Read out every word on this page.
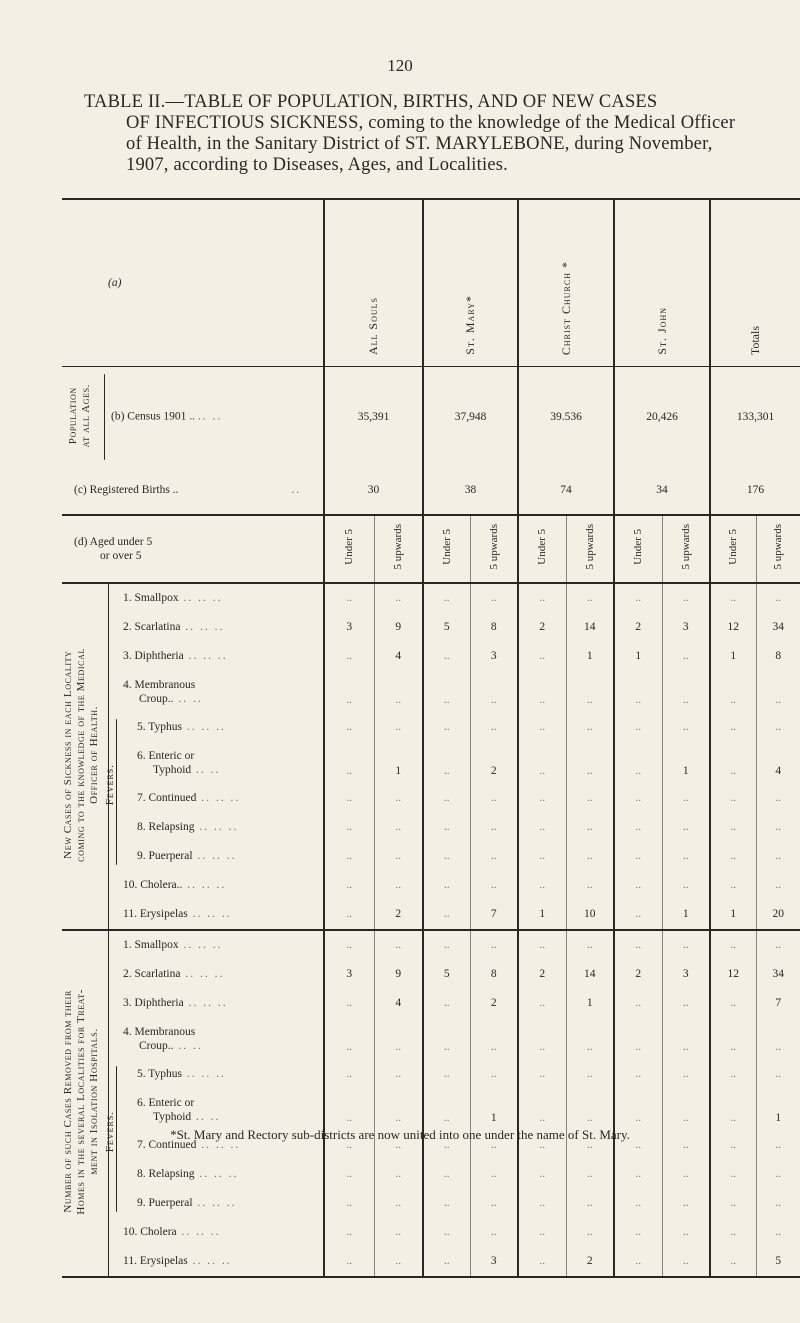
120

TABLE II.—TABLE OF POPULATION, BIRTHS, AND OF NEW CASES

OF INFECTIOUS SICKNESS, coming to the knowledge of the Medical Officer

of Health, in the Sanitary District of ST. MARYLEBONE, during November,

1907, according to Diseases, Ages, and Localities.

(a)		All Souls		St. Mary*		Christ Church *		St. John		Totals	
Population
at all Ages.	(b) Census 1901 .. .. ..	35,391		37,948		39.536		20,426		133,301	
(c) Registered Births .. ..		30		38		74		34		176	
(d) Aged under 5
or over 5		Under 5	5 upwards	Under 5	5 upwards	Under 5	5 upwards	Under 5	5 upwards	Under 5	5 upwards
New Cases of Sickness in each Locality
coming to the knowledge of the Medical
Officer of Health.	1. Smallpox .. .. ..	..	..	..	..	..	..	..	..	..	..

	2. Scarlatina .. .. ..	3	9	5	8	2	14	2	3	12	34

	3. Diphtheria .. .. ..	..	4	..	3	..	1	1	..	1	8

	4. Membranous
Croup.. .. ..	..	..	..	..	..	..	..	..	..	..

	5. Typhus .. .. ..	..	..	..	..	..	..	..	..	..	..

	6. Enteric or
Typhoid .. ..	..	1	..	2	..	..	..	1	..	4

	Fevers. 7. Continued .. .. ..	..	..	..	..	..	..	..	..	..	..

	8. Relapsing .. .. ..	..	..	..	..	..	..	..	..	..	..

	9. Puerperal .. .. ..	..	..	..	..	..	..	..	..	..	..

	10. Cholera.. .. .. ..	..	..	..	..	..	..	..	..	..	..

	11. Erysipelas .. .. ..	..	2	..	7	1	10	..	1	1	20
Number of such Cases Removed from their
Homes in the several Localities for Treat-
ment in Isolation Hospitals.	1. Smallpox .. .. ..	..	..	..	..	..	..	..	..	..	..

	2. Scarlatina .. .. ..	3	9	5	8	2	14	2	3	12	34

	3. Diphtheria .. .. ..	..	4	..	2	..	1	..	..	..	7

	4. Membranous
Croup.. .. ..	..	..	..	..	..	..	..	..	..	..

	5. Typhus .. .. ..	..	..	..	..	..	..	..	..	..	..

	6. Enteric or
Typhoid .. ..	..	..	..	1	..	..	..	..	..	1

	Fevers. 7. Continued .. .. ..	..	..	..	..	..	..	..	..	..	..

	8. Relapsing .. .. ..	..	..	..	..	..	..	..	..	..	..

	9. Puerperal .. .. ..	..	..	..	..	..	..	..	..	..	..

	10. Cholera .. .. ..	..	..	..	..	..	..	..	..	..	..

	11. Erysipelas .. .. ..	..	..	..	3	..	2	..	..	..	5

*St. Mary and Rectory sub-districts are now united into one under the name of St. Mary.
